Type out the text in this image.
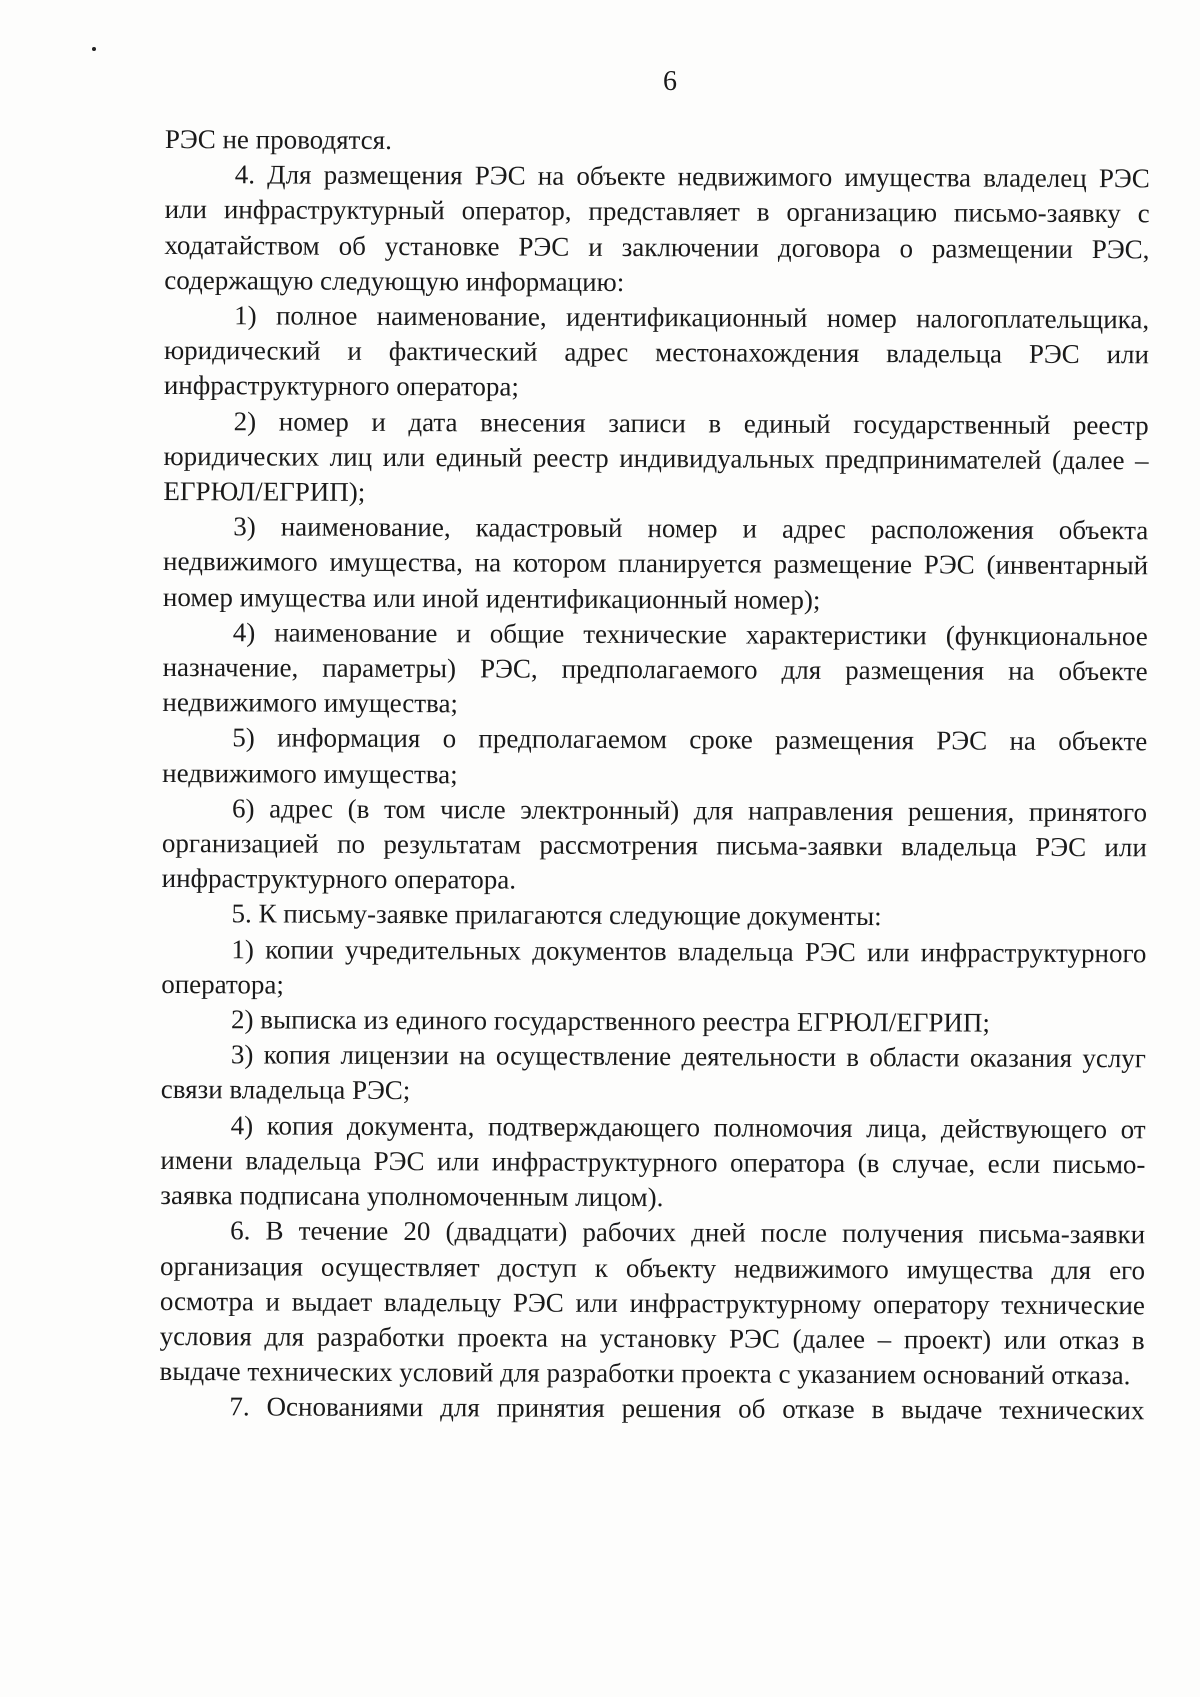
6

РЭС не проводятся.

4. Для размещения РЭС на объекте недвижимого имущества владелец РЭС или инфраструктурный оператор, представляет в организацию письмо-заявку с ходатайством об установке РЭС и заключении договора о размещении РЭС, содержащую следующую информацию:

1) полное наименование, идентификационный номер налогоплательщика, юридический и фактический адрес местонахождения владельца РЭС или инфраструктурного оператора;

2) номер и дата внесения записи в единый государственный реестр юридических лиц или единый реестр индивидуальных предпринимателей (далее – ЕГРЮЛ/ЕГРИП);

3) наименование, кадастровый номер и адрес расположения объекта недвижимого имущества, на котором планируется размещение РЭС (инвентарный номер имущества или иной идентификационный номер);

4) наименование и общие технические характеристики (функциональное назначение, параметры) РЭС, предполагаемого для размещения на объекте недвижимого имущества;

5) информация о предполагаемом сроке размещения РЭС на объекте недвижимого имущества;

6) адрес (в том числе электронный) для направления решения, принятого организацией по результатам рассмотрения письма-заявки владельца РЭС или инфраструктурного оператора.

5. К письму-заявке прилагаются следующие документы:

1) копии учредительных документов владельца РЭС или инфраструктурного оператора;

2) выписка из единого государственного реестра ЕГРЮЛ/ЕГРИП;

3) копия лицензии на осуществление деятельности в области оказания услуг связи владельца РЭС;

4) копия документа, подтверждающего полномочия лица, действующего от имени владельца РЭС или инфраструктурного оператора (в случае, если письмо-заявка подписана уполномоченным лицом).

6. В течение 20 (двадцати) рабочих дней после получения письма-заявки организация осуществляет доступ к объекту недвижимого имущества для его осмотра и выдает владельцу РЭС или инфраструктурному оператору технические условия для разработки проекта на установку РЭС (далее – проект) или отказ в выдаче технических условий для разработки проекта с указанием оснований отказа.

7. Основаниями для принятия решения об отказе в выдаче технических
